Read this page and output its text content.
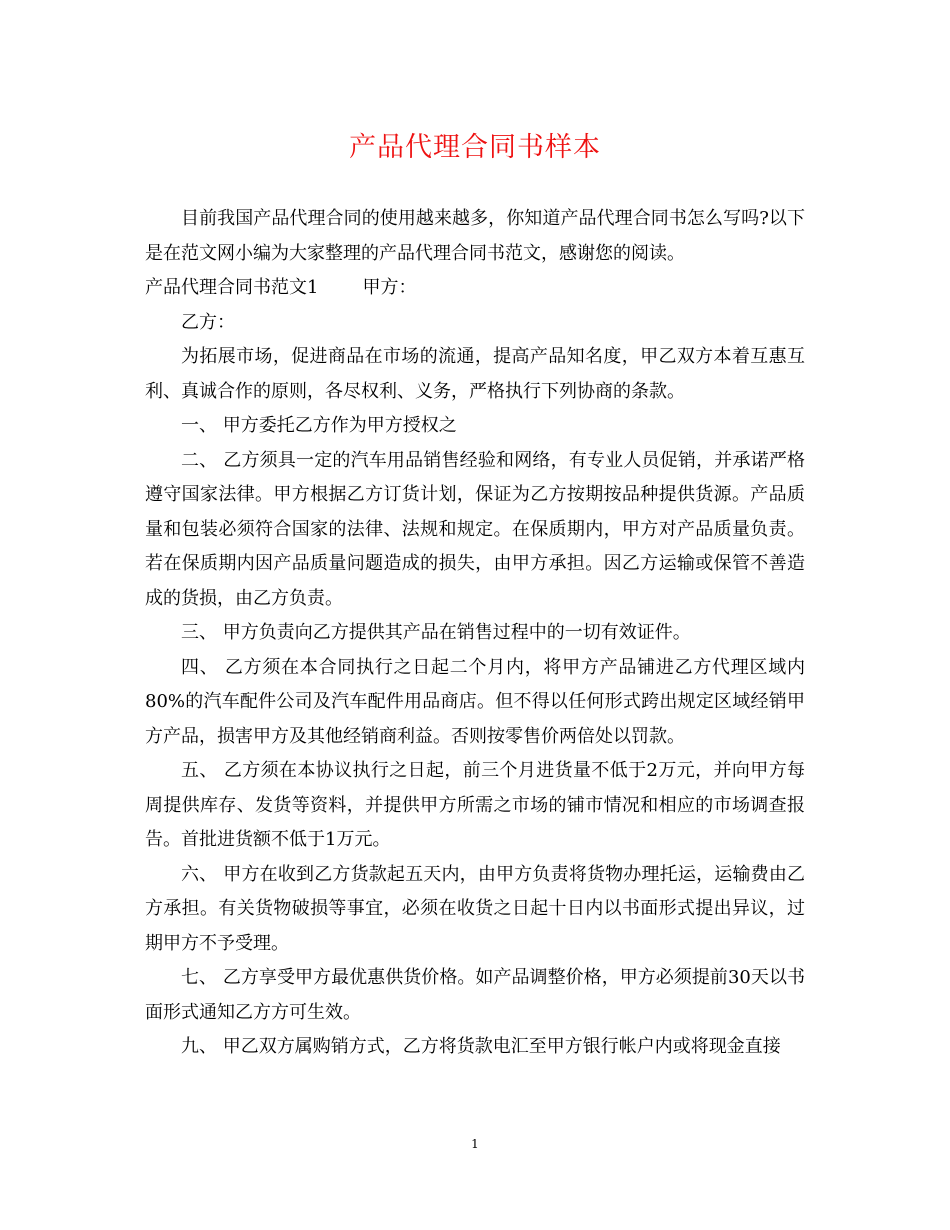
产品代理合同书样本

目前我国产品代理合同的使用越来越多，你知道产品代理合同书怎么写吗?以下是在范文网小编为大家整理的产品代理合同书范文，感谢您的阅读。

产品代理合同书范文1 甲方：

乙方：

为拓展市场，促进商品在市场的流通，提高产品知名度，甲乙双方本着互惠互利、真诚合作的原则，各尽权利、义务，严格执行下列协商的条款。

一、 甲方委托乙方作为甲方授权之

二、 乙方须具一定的汽车用品销售经验和网络，有专业人员促销，并承诺严格遵守国家法律。甲方根据乙方订货计划，保证为乙方按期按品种提供货源。产品质量和包装必须符合国家的法律、法规和规定。在保质期内，甲方对产品质量负责。若在保质期内因产品质量问题造成的损失，由甲方承担。因乙方运输或保管不善造成的货损，由乙方负责。

三、 甲方负责向乙方提供其产品在销售过程中的一切有效证件。

四、 乙方须在本合同执行之日起二个月内，将甲方产品铺进乙方代理区域内80%的汽车配件公司及汽车配件用品商店。但不得以任何形式跨出规定区域经销甲方产品，损害甲方及其他经销商利益。否则按零售价两倍处以罚款。

五、 乙方须在本协议执行之日起，前三个月进货量不低于2万元，并向甲方每周提供库存、发货等资料，并提供甲方所需之市场的铺市情况和相应的市场调查报告。首批进货额不低于1万元。

六、 甲方在收到乙方货款起五天内，由甲方负责将货物办理托运，运输费由乙方承担。有关货物破损等事宜，必须在收货之日起十日内以书面形式提出异议，过期甲方不予受理。

七、 乙方享受甲方最优惠供货价格。如产品调整价格，甲方必须提前30天以书面形式通知乙方方可生效。

九、 甲乙双方属购销方式，乙方将货款电汇至甲方银行帐户内或将现金直接

1
